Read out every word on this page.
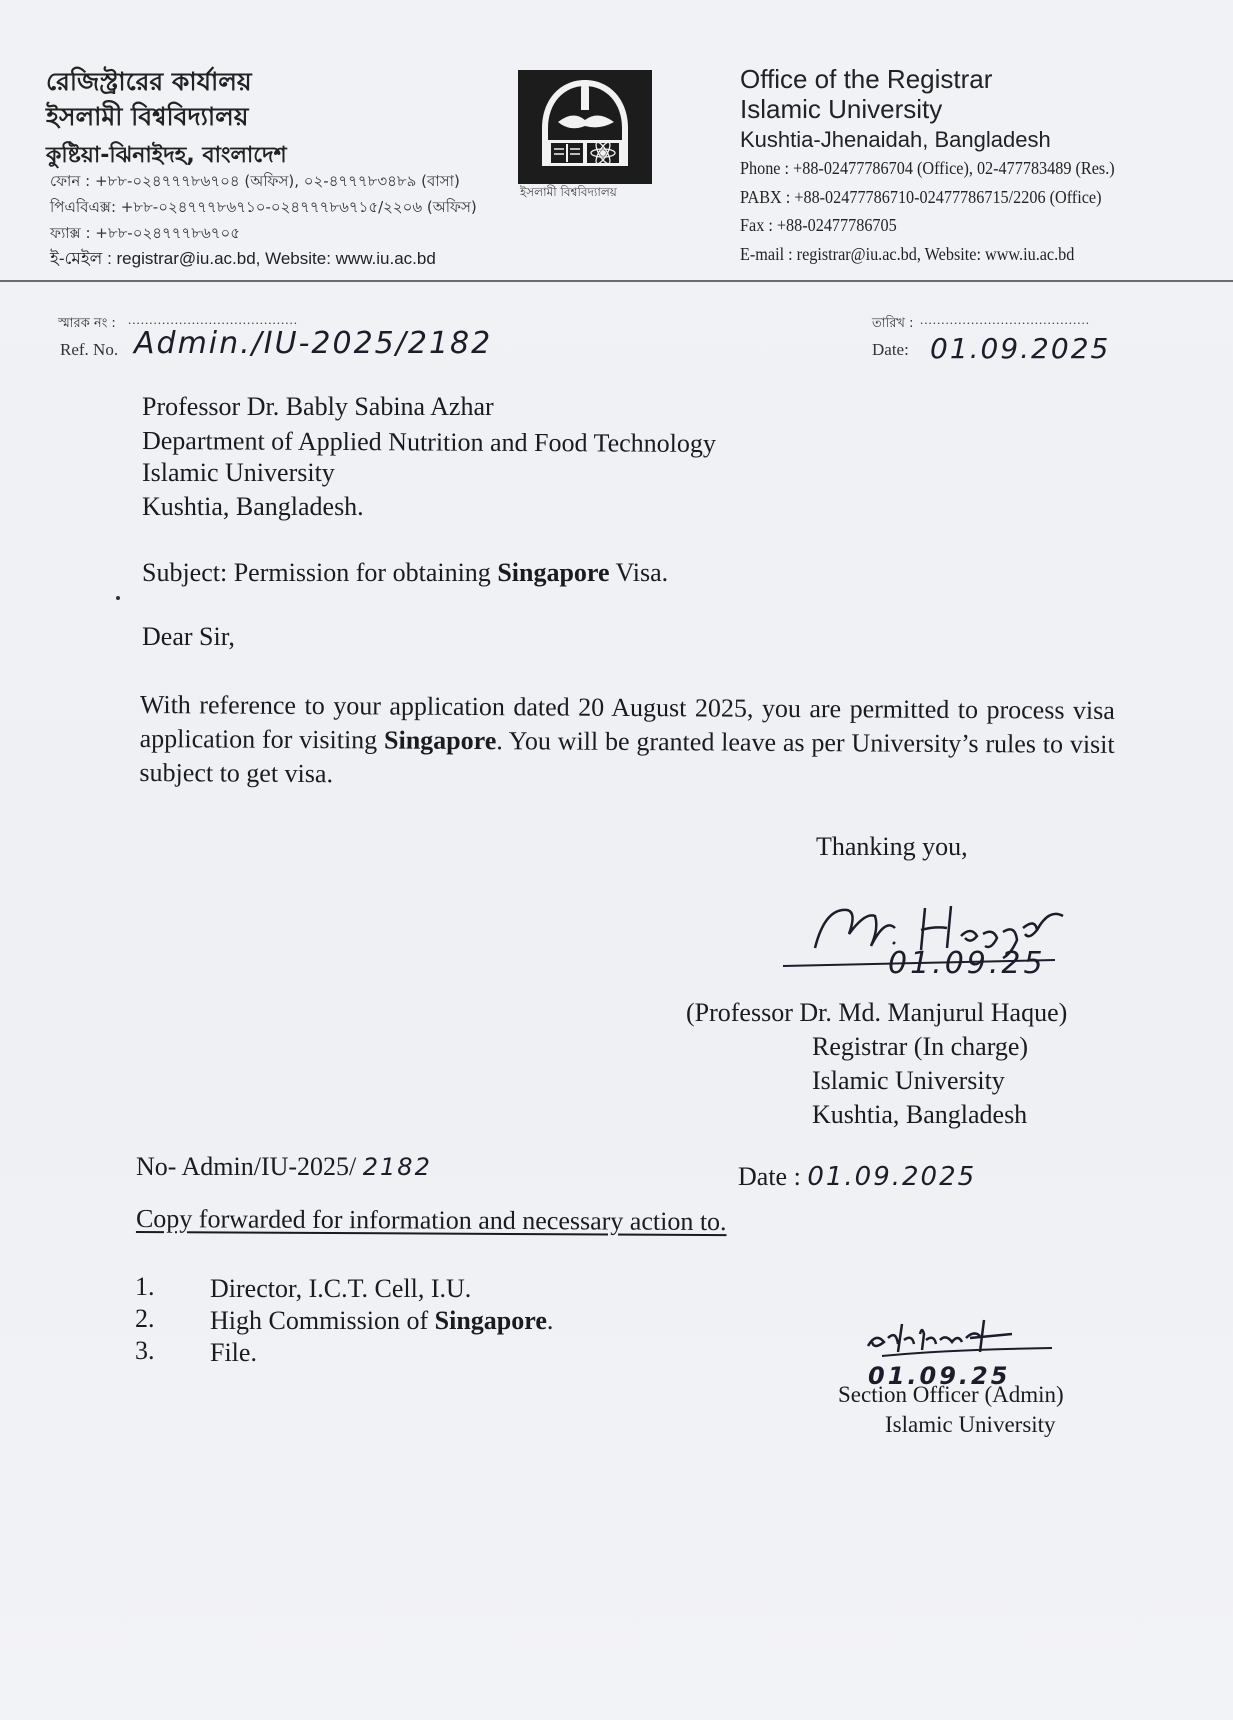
রেজিস্ট্রারের কার্যালয়
ইসলামী বিশ্ববিদ্যালয়
কুষ্টিয়া-ঝিনাইদহ, বাংলাদেশ
ফোন : +৮৮-০২৪৭৭৭৮৬৭০৪ (অফিস), ০২-৪৭৭৭৮৩৪৮৯ (বাসা)
পিএবিএক্স: +৮৮-০২৪৭৭৭৮৬৭১০-০২৪৭৭৭৮৬৭১৫/২২০৬ (অফিস)
ফ্যাক্স : +৮৮-০২৪৭৭৭৮৬৭০৫
ই-মেইল : registrar@iu.ac.bd, Website: www.iu.ac.bd
ইসলামী বিশ্ববিদ্যালয়
Office of the Registrar
Islamic University
Kushtia-Jhenaidah, Bangladesh
Phone : +88-02477786704 (Office), 02-477783489 (Res.)
PABX : +88-02477786710-02477786715/2206 (Office)
Fax : +88-02477786705
E-mail : registrar@iu.ac.bd, Website: www.iu.ac.bd
স্মারক নং : ........................................
Ref. No. Admin./IU-2025/2182
তারিখ : ........................................
Date: 01.09.2025
Professor Dr. Bably Sabina Azhar
Department of Applied Nutrition and Food Technology
Islamic University
Kushtia, Bangladesh.
Subject: Permission for obtaining Singapore Visa.
Dear Sir,
With reference to your application dated 20 August 2025, you are permitted to process visa application for visiting Singapore. You will be granted leave as per University’s rules to visit subject to get visa.
Thanking you,
01.09.25
(Professor Dr. Md. Manjurul Haque)
Registrar (In charge)
Islamic University
Kushtia, Bangladesh
No- Admin/IU-2025/ 2182	Date : 01.09.2025
Copy forwarded for information and necessary action to.
1. Director, I.C.T. Cell, I.U.
2. High Commission of Singapore.
3. File.
01.09.25
Section Officer (Admin)
Islamic University
